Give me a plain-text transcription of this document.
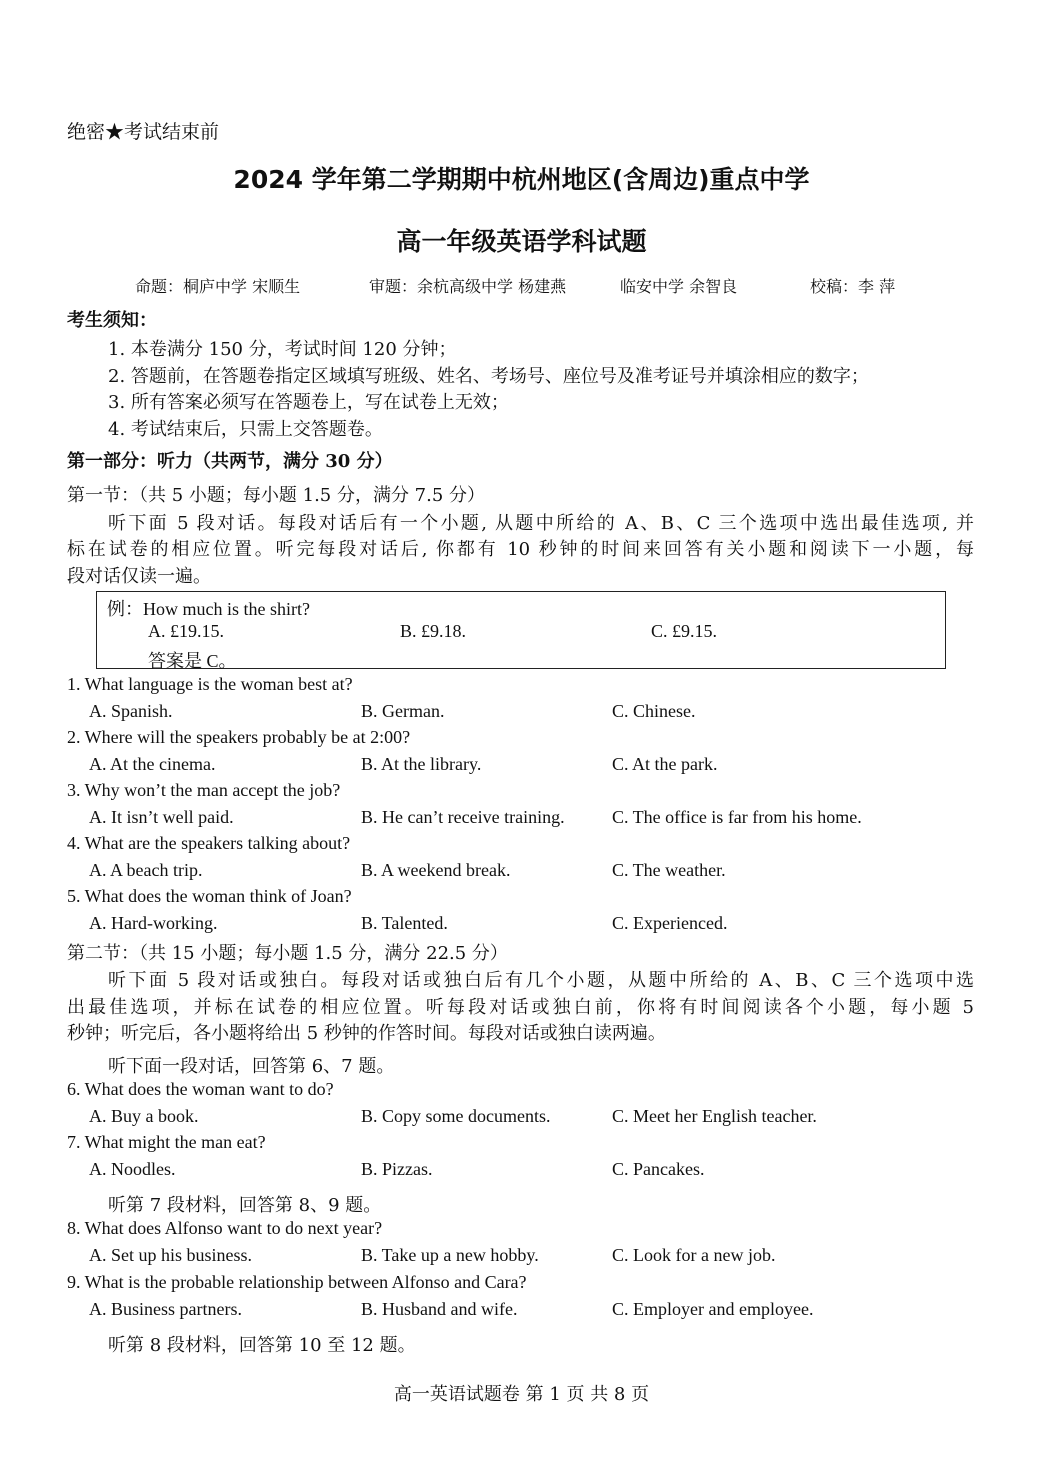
绝密★考试结束前
2024 学年第二学期期中杭州地区(含周边)重点中学
高一年级英语学科试题
命题：桐庐中学 宋顺生	审题：余杭高级中学 杨建燕	临安中学 余智良	校稿：李 萍
考生须知：
1. 本卷满分 150 分，考试时间 120 分钟；
2. 答题前，在答题卷指定区域填写班级、姓名、考场号、座位号及准考证号并填涂相应的数字；
3. 所有答案必须写在答题卷上，写在试卷上无效；
4. 考试结束后，只需上交答题卷。
第一部分：听力（共两节，满分 30 分）
第一节：（共 5 小题；每小题 1.5 分，满分 7.5 分）
听下面 5 段对话。每段对话后有一个小题, 从题中所给的 A、B、C 三个选项中选出最佳选项, 并
标在试卷的相应位置。听完每段对话后, 你都有 10 秒钟的时间来回答有关小题和阅读下一小题，每
段对话仅读一遍。
例：How much is the shirt?
A. £19.15.	B. £9.18.	C. £9.15.
答案是 C。
1. What language is the woman best at?
A. Spanish.	B. German.	C. Chinese.
2. Where will the speakers probably be at 2:00?
A. At the cinema.	B. At the library.	C. At the park.
3. Why won’t the man accept the job?
A. It isn’t well paid.	B. He can’t receive training.	C. The office is far from his home.
4. What are the speakers talking about?
A. A beach trip.	B. A weekend break.	C. The weather.
5. What does the woman think of Joan?
A. Hard-working.	B. Talented.	C. Experienced.
第二节：（共 15 小题；每小题 1.5 分，满分 22.5 分）
听下面 5 段对话或独白。每段对话或独白后有几个小题，从题中所给的 A、B、C 三个选项中选
出最佳选项，并标在试卷的相应位置。听每段对话或独白前，你将有时间阅读各个小题，每小题 5
秒钟；听完后，各小题将给出 5 秒钟的作答时间。每段对话或独白读两遍。
听下面一段对话，回答第 6、7 题。
6. What does the woman want to do?
A. Buy a book.	B. Copy some documents.	C. Meet her English teacher.
7. What might the man eat?
A. Noodles.	B. Pizzas.	C. Pancakes.
听第 7 段材料，回答第 8、9 题。
8. What does Alfonso want to do next year?
A. Set up his business.	B. Take up a new hobby.	C. Look for a new job.
9. What is the probable relationship between Alfonso and Cara?
A. Business partners.	B. Husband and wife.	C. Employer and employee.
听第 8 段材料，回答第 10 至 12 题。
高一英语试题卷 第 1 页 共 8 页
